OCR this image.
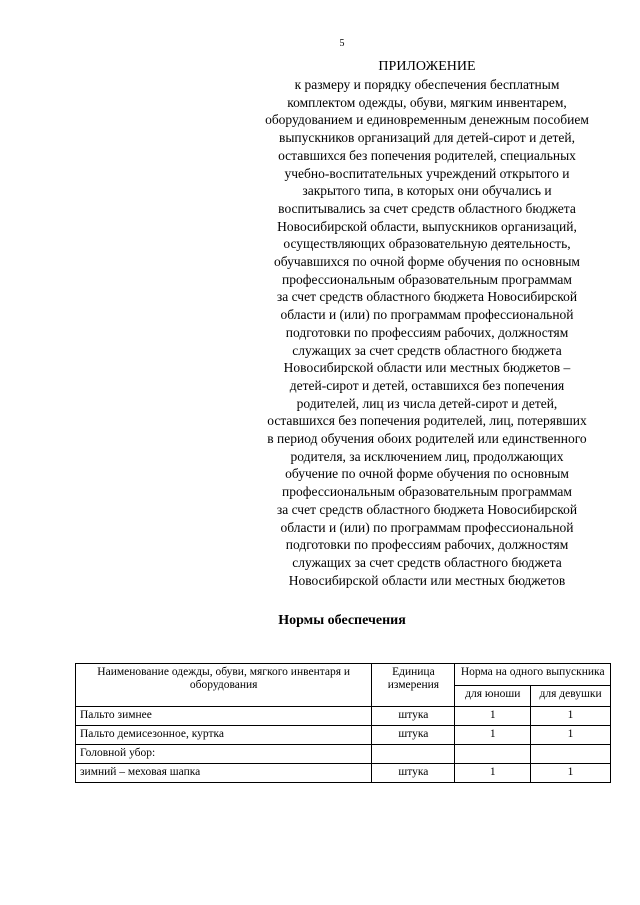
5
ПРИЛОЖЕНИЕ
к размеру и порядку обеспечения бесплатным
комплектом одежды, обуви, мягким инвентарем,
оборудованием и единовременным денежным пособием
выпускников организаций для детей-сирот и детей,
оставшихся без попечения родителей, специальных
учебно-воспитательных учреждений открытого и
закрытого типа, в которых они обучались и
воспитывались за счет средств областного бюджета
Новосибирской области, выпускников организаций,
осуществляющих образовательную деятельность,
обучавшихся по очной форме обучения по основным
профессиональным образовательным программам
за счет средств областного бюджета Новосибирской
области и (или) по программам профессиональной
подготовки по профессиям рабочих, должностям
служащих за счет средств областного бюджета
Новосибирской области или местных бюджетов –
детей-сирот и детей, оставшихся без попечения
родителей, лиц из числа детей-сирот и детей,
оставшихся без попечения родителей, лиц, потерявших
в период обучения обоих родителей или единственного
родителя, за исключением лиц, продолжающих
обучение по очной форме обучения по основным
профессиональным образовательным программам
за счет средств областного бюджета Новосибирской
области и (или) по программам профессиональной
подготовки по профессиям рабочих, должностям
служащих за счет средств областного бюджета
Новосибирской области или местных бюджетов
Нормы обеспечения
Наименование одежды, обуви, мягкого инвентаря и оборудования	Единица измерения	Норма на одного выпускника	
		для юноши	для девушки
Пальто зимнее	штука	1	1
Пальто демисезонное, куртка	штука	1	1
Головной убор:			
зимний – меховая шапка	штука	1	1
